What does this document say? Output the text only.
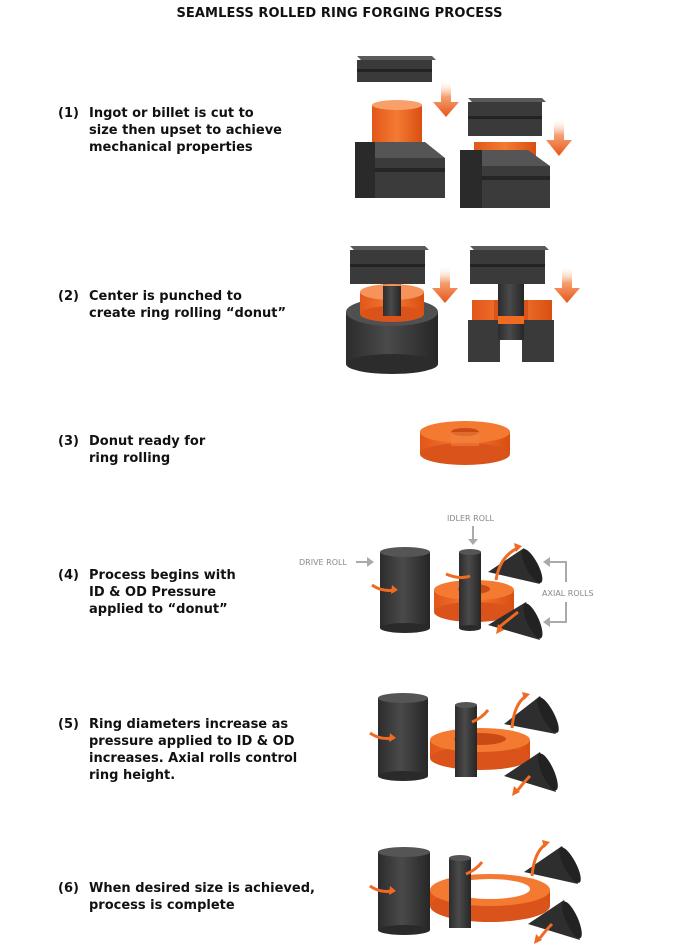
SEAMLESS ROLLED RING FORGING PROCESS
(1) Ingot or billet is cut to
size then upset to achieve
mechanical properties
(2) Center is punched to
create ring rolling “donut”
(3) Donut ready for
ring rolling
(4) Process begins with
ID & OD Pressure
applied to “donut”
(5) Ring diameters increase as
pressure applied to ID & OD
increases. Axial rolls control
ring height.
(6) When desired size is achieved,
process is complete
IDLER ROLL
DRIVE ROLL
AXIAL ROLLS
